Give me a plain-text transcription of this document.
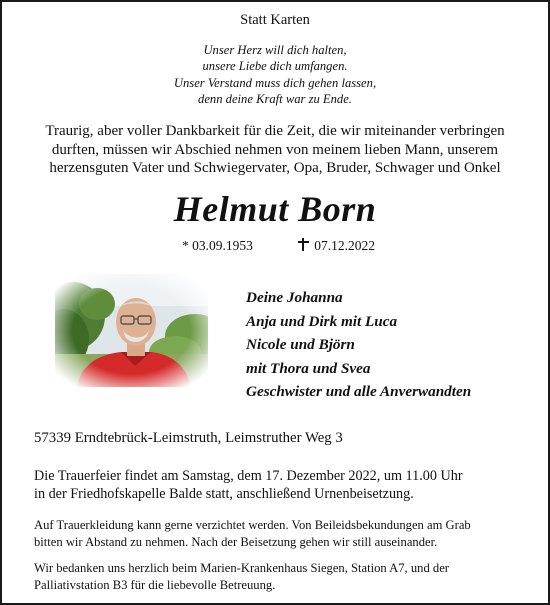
Statt Karten
Unser Herz will dich halten,
unsere Liebe dich umfangen.
Unser Verstand muss dich gehen lassen,
denn deine Kraft war zu Ende.
Traurig, aber voller Dankbarkeit für die Zeit, die wir miteinander verbringen
durften, müssen wir Abschied nehmen von meinem lieben Mann, unserem
herzensguten Vater und Schwiegervater, Opa, Bruder, Schwager und Onkel
Helmut Born
* 03.09.1953	07.12.2022
Deine Johanna
Anja und Dirk mit Luca
Nicole und Björn
mit Thora und Svea
Geschwister und alle Anverwandten
57339 Erndtebrück-Leimstruth, Leimstruther Weg 3
Die Trauerfeier findet am Samstag, dem 17. Dezember 2022, um 11.00 Uhr
in der Friedhofskapelle Balde statt, anschließend Urnenbeisetzung.
Auf Trauerkleidung kann gerne verzichtet werden. Von Beileidsbekundungen am Grab
bitten wir Abstand zu nehmen. Nach der Beisetzung gehen wir still auseinander.
Wir bedanken uns herzlich beim Marien-Krankenhaus Siegen, Station A7, und der
Palliativstation B3 für die liebevolle Betreuung.
